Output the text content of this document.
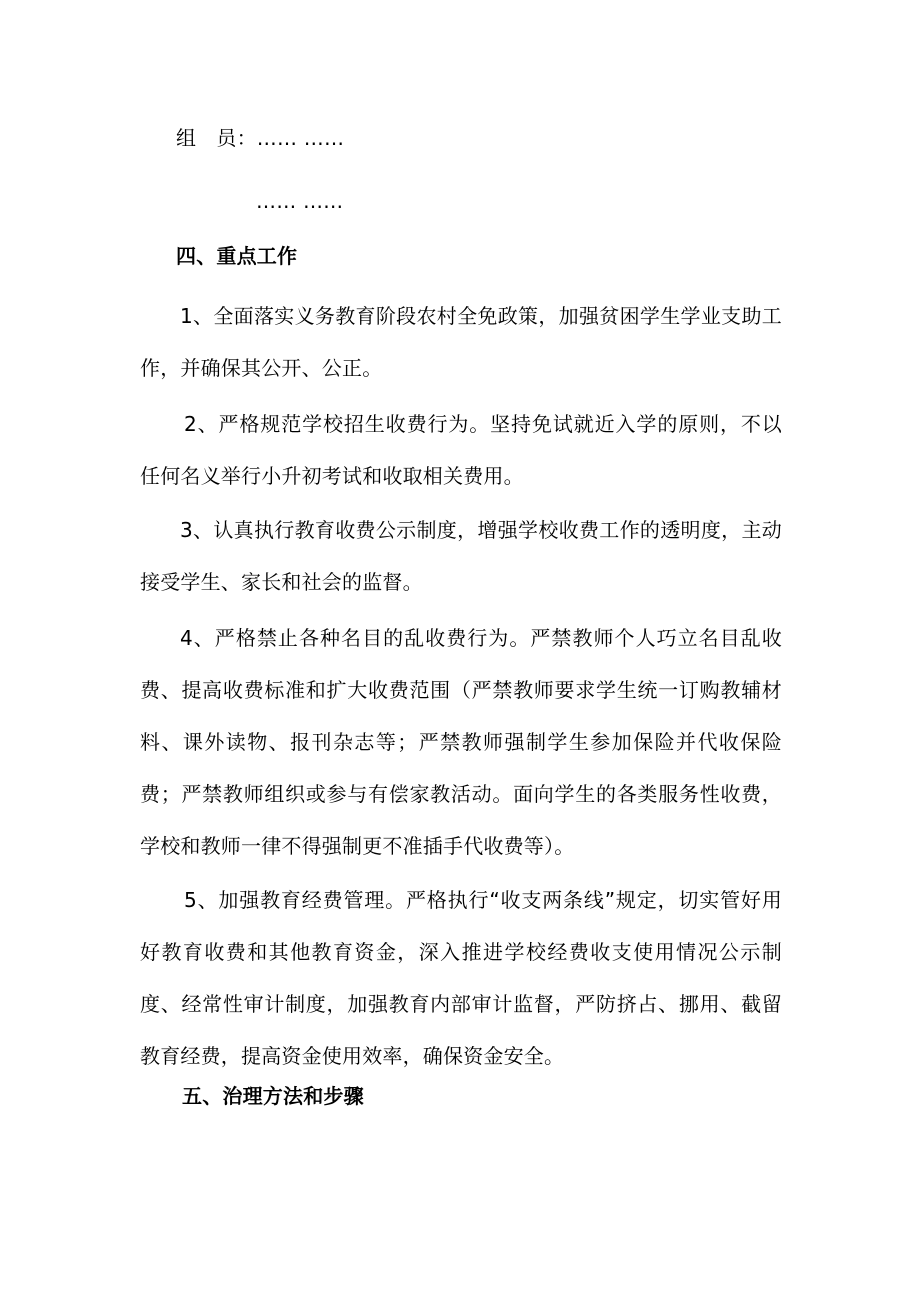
组　员：…… ……
…… ……
四、重点工作
1、全面落实义务教育阶段农村全免政策，加强贫困学生学业支助工作，并确保其公开、公正。
2、严格规范学校招生收费行为。坚持免试就近入学的原则，不以任何名义举行小升初考试和收取相关费用。
3、认真执行教育收费公示制度，增强学校收费工作的透明度，主动接受学生、家长和社会的监督。
4、严格禁止各种名目的乱收费行为。严禁教师个人巧立名目乱收费、提高收费标准和扩大收费范围（严禁教师要求学生统一订购教辅材料、课外读物、报刊杂志等；严禁教师强制学生参加保险并代收保险费；严禁教师组织或参与有偿家教活动。面向学生的各类服务性收费，学校和教师一律不得强制更不准插手代收费等）。
5、加强教育经费管理。严格执行“收支两条线”规定，切实管好用好教育收费和其他教育资金，深入推进学校经费收支使用情况公示制度、经常性审计制度，加强教育内部审计监督，严防挤占、挪用、截留教育经费，提高资金使用效率，确保资金安全。
五、治理方法和步骤
